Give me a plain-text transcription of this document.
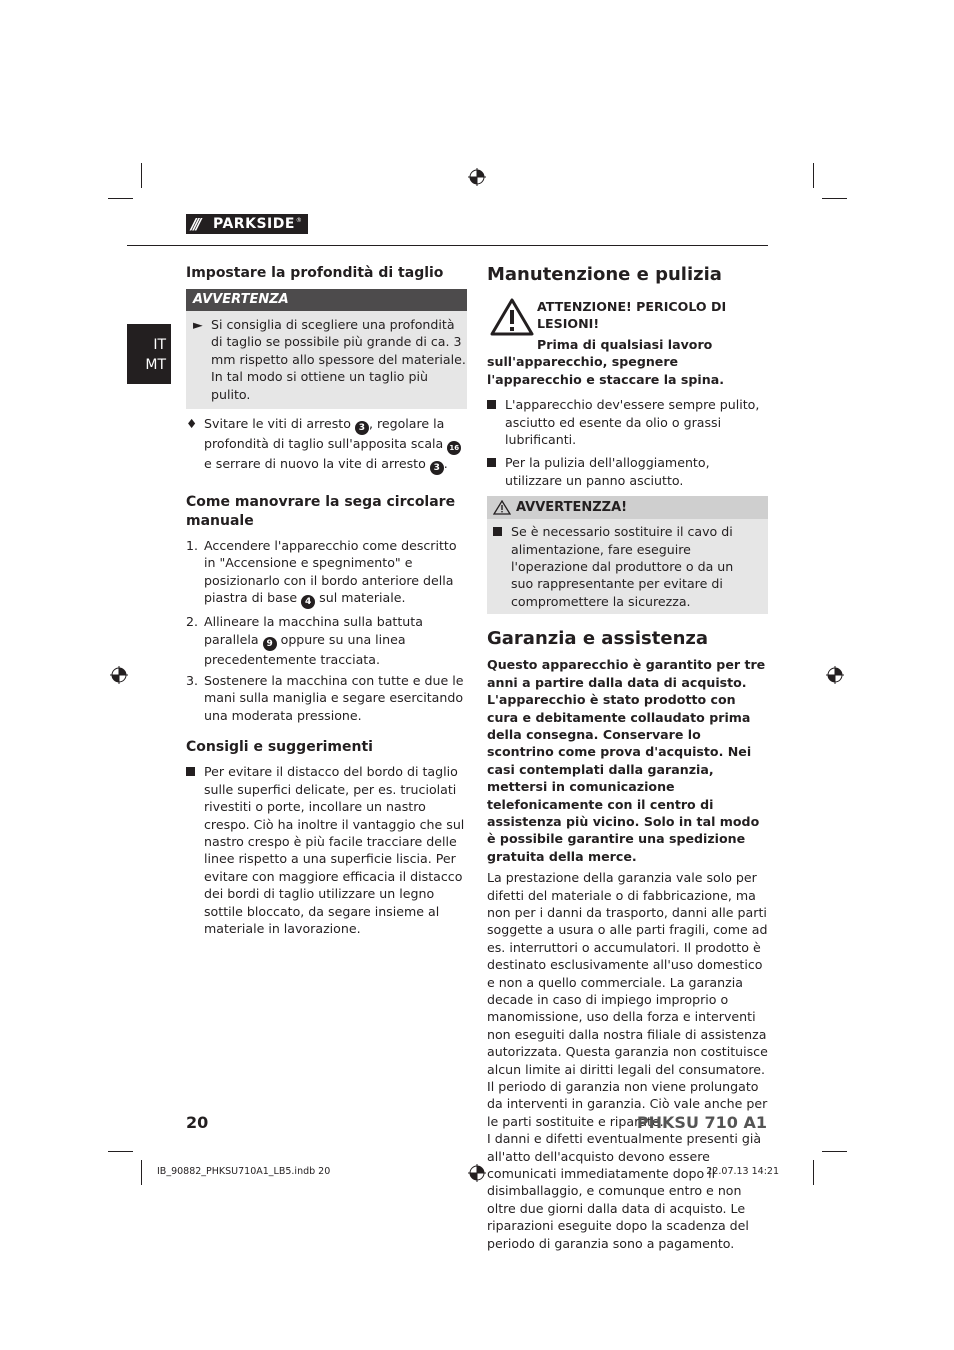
///	PARKSIDE ®
IT
MT
Impostare la profondità di taglio
AVVERTENZA
► Si consiglia di scegliere una profondità di taglio se possibile più grande di ca. 3 mm rispetto allo spessore del materiale. In tal modo si ottiene un taglio più pulito.
♦ Svitare le viti di arresto 3 , regolare la profondità di taglio sull'apposita scala 16 e serrare di nuovo la vite di arresto 3 .
Come manovrare la sega circolare manuale
1. Accendere l'apparecchio come descritto in "Accensione e spegnimento" e posizionarlo con il bordo anteriore della piastra di base 4 sul materiale.
2. Allineare la macchina sulla battuta parallela 9 oppure su una linea precedentemente tracciata.
3. Sostenere la macchina con tutte e due le mani sulla maniglia e segare esercitando una moderata pressione.
Consigli e suggerimenti
Per evitare il distacco del bordo di taglio sulle superfici delicate, per es. truciolati rivestiti o porte, incollare un nastro crespo. Ciò ha inoltre il vantaggio che sul nastro crespo è più facile tracciare delle linee rispetto a una superficie liscia. Per evitare con maggiore efficacia il distacco dei bordi di taglio utilizzare un legno sottile bloccato, da segare insieme al materiale in lavorazione.
Manutenzione e pulizia
ATTENZIONE! PERICOLO DI LESIONI!
Prima di qualsiasi lavoro sull'apparecchio, spegnere l'apparecchio e staccare la spina.
L'apparecchio dev'essere sempre pulito, asciutto ed esente da olio o grassi lubrificanti.
Per la pulizia dell'alloggiamento, utilizzare un panno asciutto.
AVVERTENZZA!
Se è necessario sostituire il cavo di alimentazione, fare eseguire l'operazione dal produttore o da un suo rappresentante per evitare di compromettere la sicurezza.
Garanzia e assistenza
Questo apparecchio è garantito per tre anni a partire dalla data di acquisto. L'apparecchio è stato prodotto con cura e debitamente collaudato prima della consegna. Conservare lo scontrino come prova d'acquisto. Nei casi contemplati dalla garanzia, mettersi in comunicazione telefonicamente con il centro di assistenza più vicino. Solo in tal modo è possibile garantire una spedizione gratuita della merce.
La prestazione della garanzia vale solo per difetti del materiale o di fabbricazione, ma non per i danni da trasporto, danni alle parti soggette a usura o alle parti fragili, come ad es. interruttori o accumulatori. Il prodotto è destinato esclusivamente all'uso domestico e non a quello commerciale. La garanzia decade in caso di impiego improprio o manomissione, uso della forza e interventi non eseguiti dalla nostra filiale di assistenza autorizzata. Questa garanzia non costituisce alcun limite ai diritti legali del consumatore. Il periodo di garanzia non viene prolungato da interventi in garanzia. Ciò vale anche per le parti sostituite e riparate.
I danni e difetti eventualmente presenti già all'atto dell'acquisto devono essere comunicati immediatamente dopo il disimballaggio, e comunque entro e non oltre due giorni dalla data di acquisto. Le riparazioni eseguite dopo la scadenza del periodo di garanzia sono a pagamento.
20	PHKSU 710 A1
IB_90882_PHKSU710A1_LB5.indb 20	22.07.13 14:21
